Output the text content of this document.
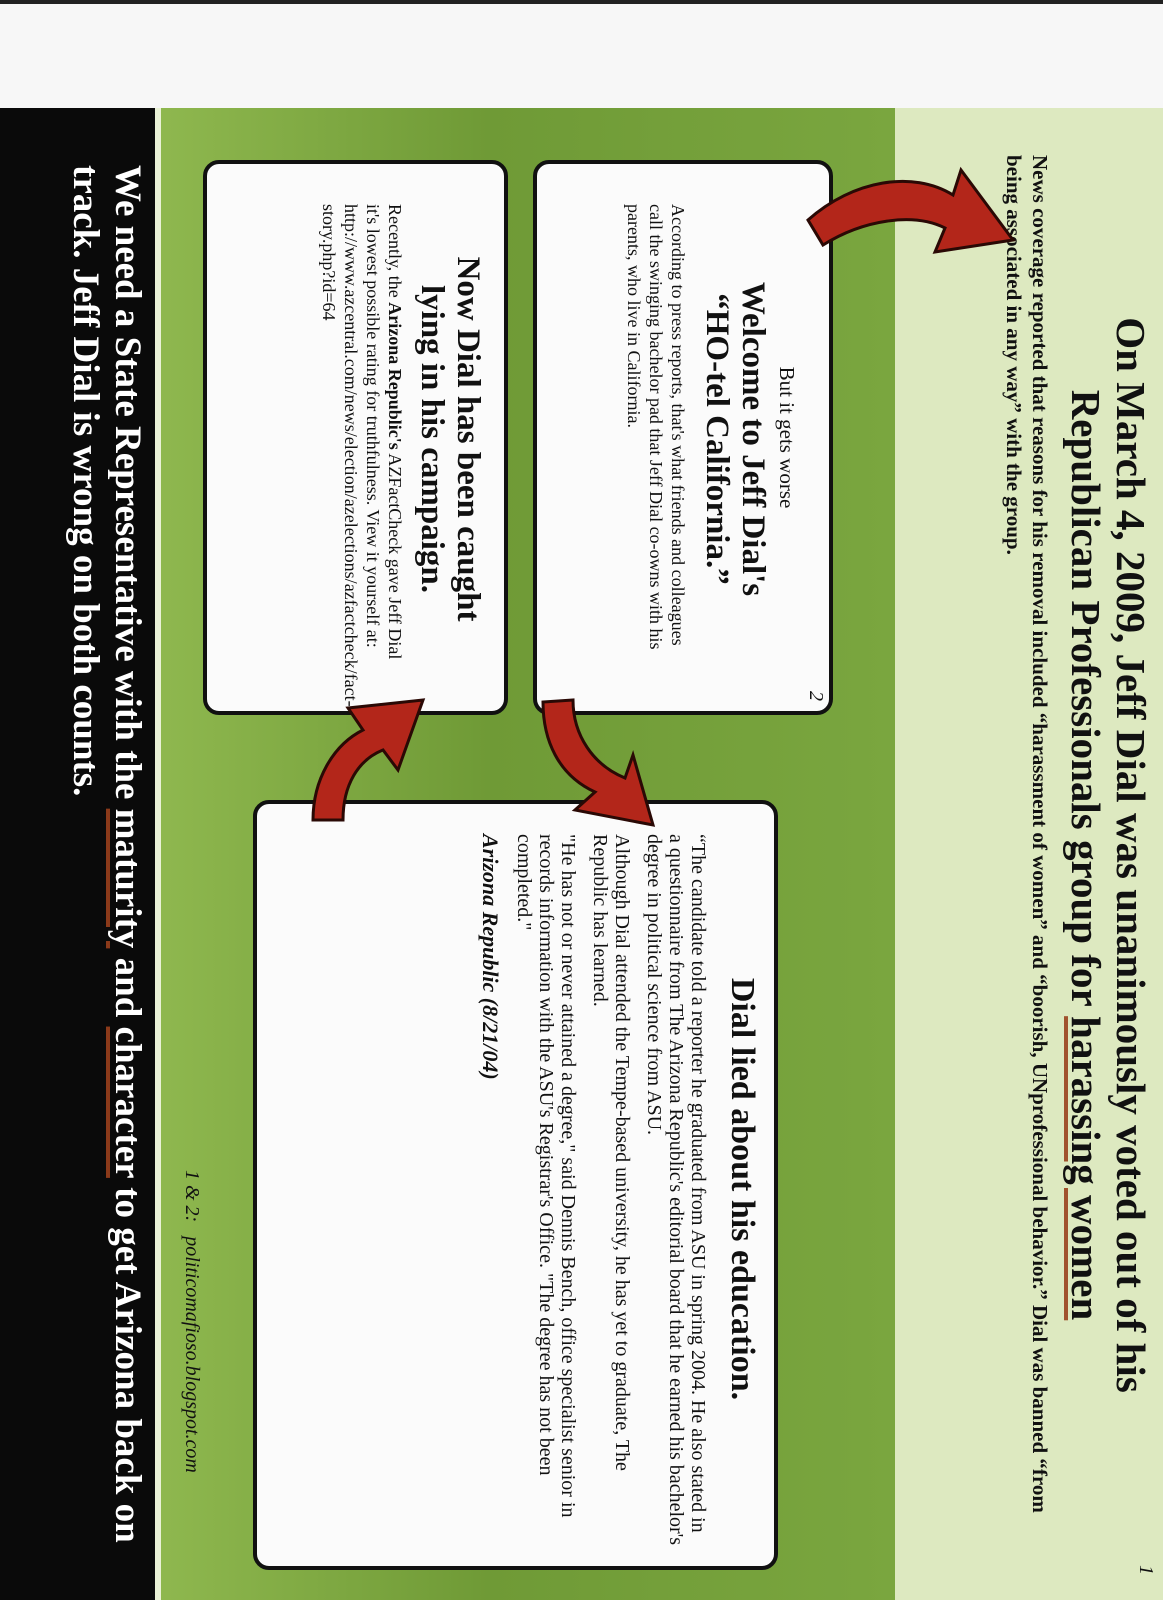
1
On March 4, 2009, Jeff Dial was unanimously voted out of his
Republican Professionals group for harassing women
News coverage reported that reasons for his removal included “harassment of women” and “boorish, UNprofessional behavior.” Dial was banned “from being associated in any way” with the group.
2
But it gets worse
Welcome to Jeff Dial's
“HO-tel California.”
According to press reports, that's what friends and colleagues call the swinging bachelor pad that Jeff Dial co-owns with his parents, who live in California.
Now Dial has been caught
lying in his campaign.
Recently, the Arizona Republic's AZFactCheck gave Jeff Dial it's lowest possible rating for truthfulness. View it yourself at: http://www.azcentral.com/news/election/azelections/azfactcheck/fact-story.php?id=64
Dial lied about his education.

“The candidate told a reporter he graduated from ASU in spring 2004. He also stated in a questionnaire from The Arizona Republic's editorial board that he earned his bachelor's degree in political science from ASU.

Although Dial attended the Tempe-based university, he has yet to graduate, The Republic has learned.

"He has not or never attained a degree," said Dennis Bench, office specialist senior in records information with the ASU's Registrar's Office. "The degree has not been completed."

Arizona Republic (8/21/04)
1 & 2:politicomafioso.blogspot.com
We need a State Representative with the maturity and character to get Arizona back on track. Jeff Dial is wrong on both counts.
